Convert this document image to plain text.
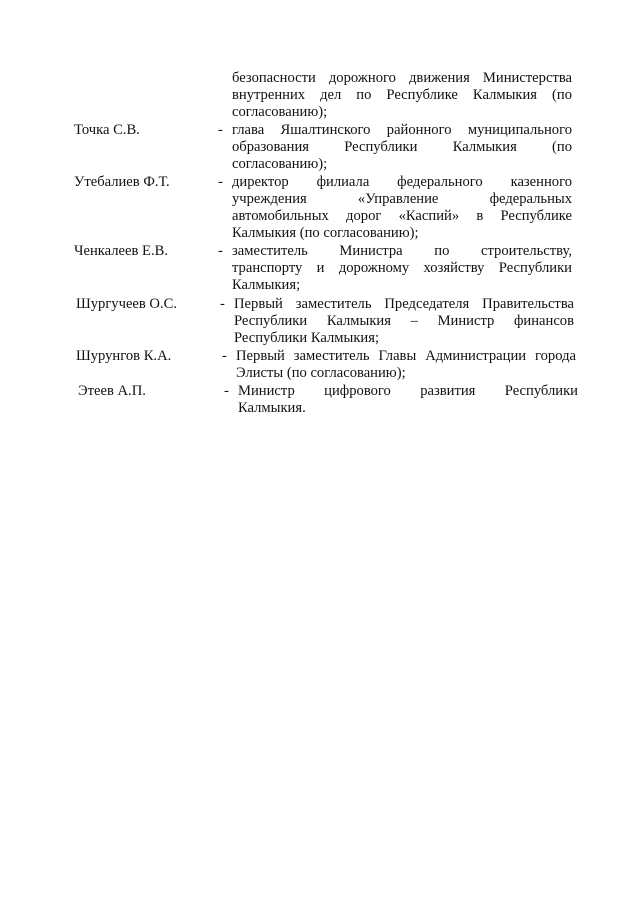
безопасности дорожного движения Министерства
внутренних дел по Республике Калмыкия (по
согласованию);
Точка С.В.	- глава Яшалтинского районного муниципального
образования Республики Калмыкия (по
согласованию);
Утебалиев Ф.Т.	- директор филиала федерального казенного
учреждения «Управление федеральных
автомобильных дорог «Каспий» в Республике
Калмыкия (по согласованию);
Ченкалеев Е.В.	- заместитель Министра по строительству,
транспорту и дорожному хозяйству Республики
Калмыкия;
Шургучеев О.С.	- Первый заместитель Председателя Правительства
Республики Калмыкия – Министр финансов
Республики Калмыкия;
Шурунгов К.А.	- Первый заместитель Главы Администрации города
Элисты (по согласованию);
Этеев А.П.	- Министр цифрового развития Республики
Калмыкия.
